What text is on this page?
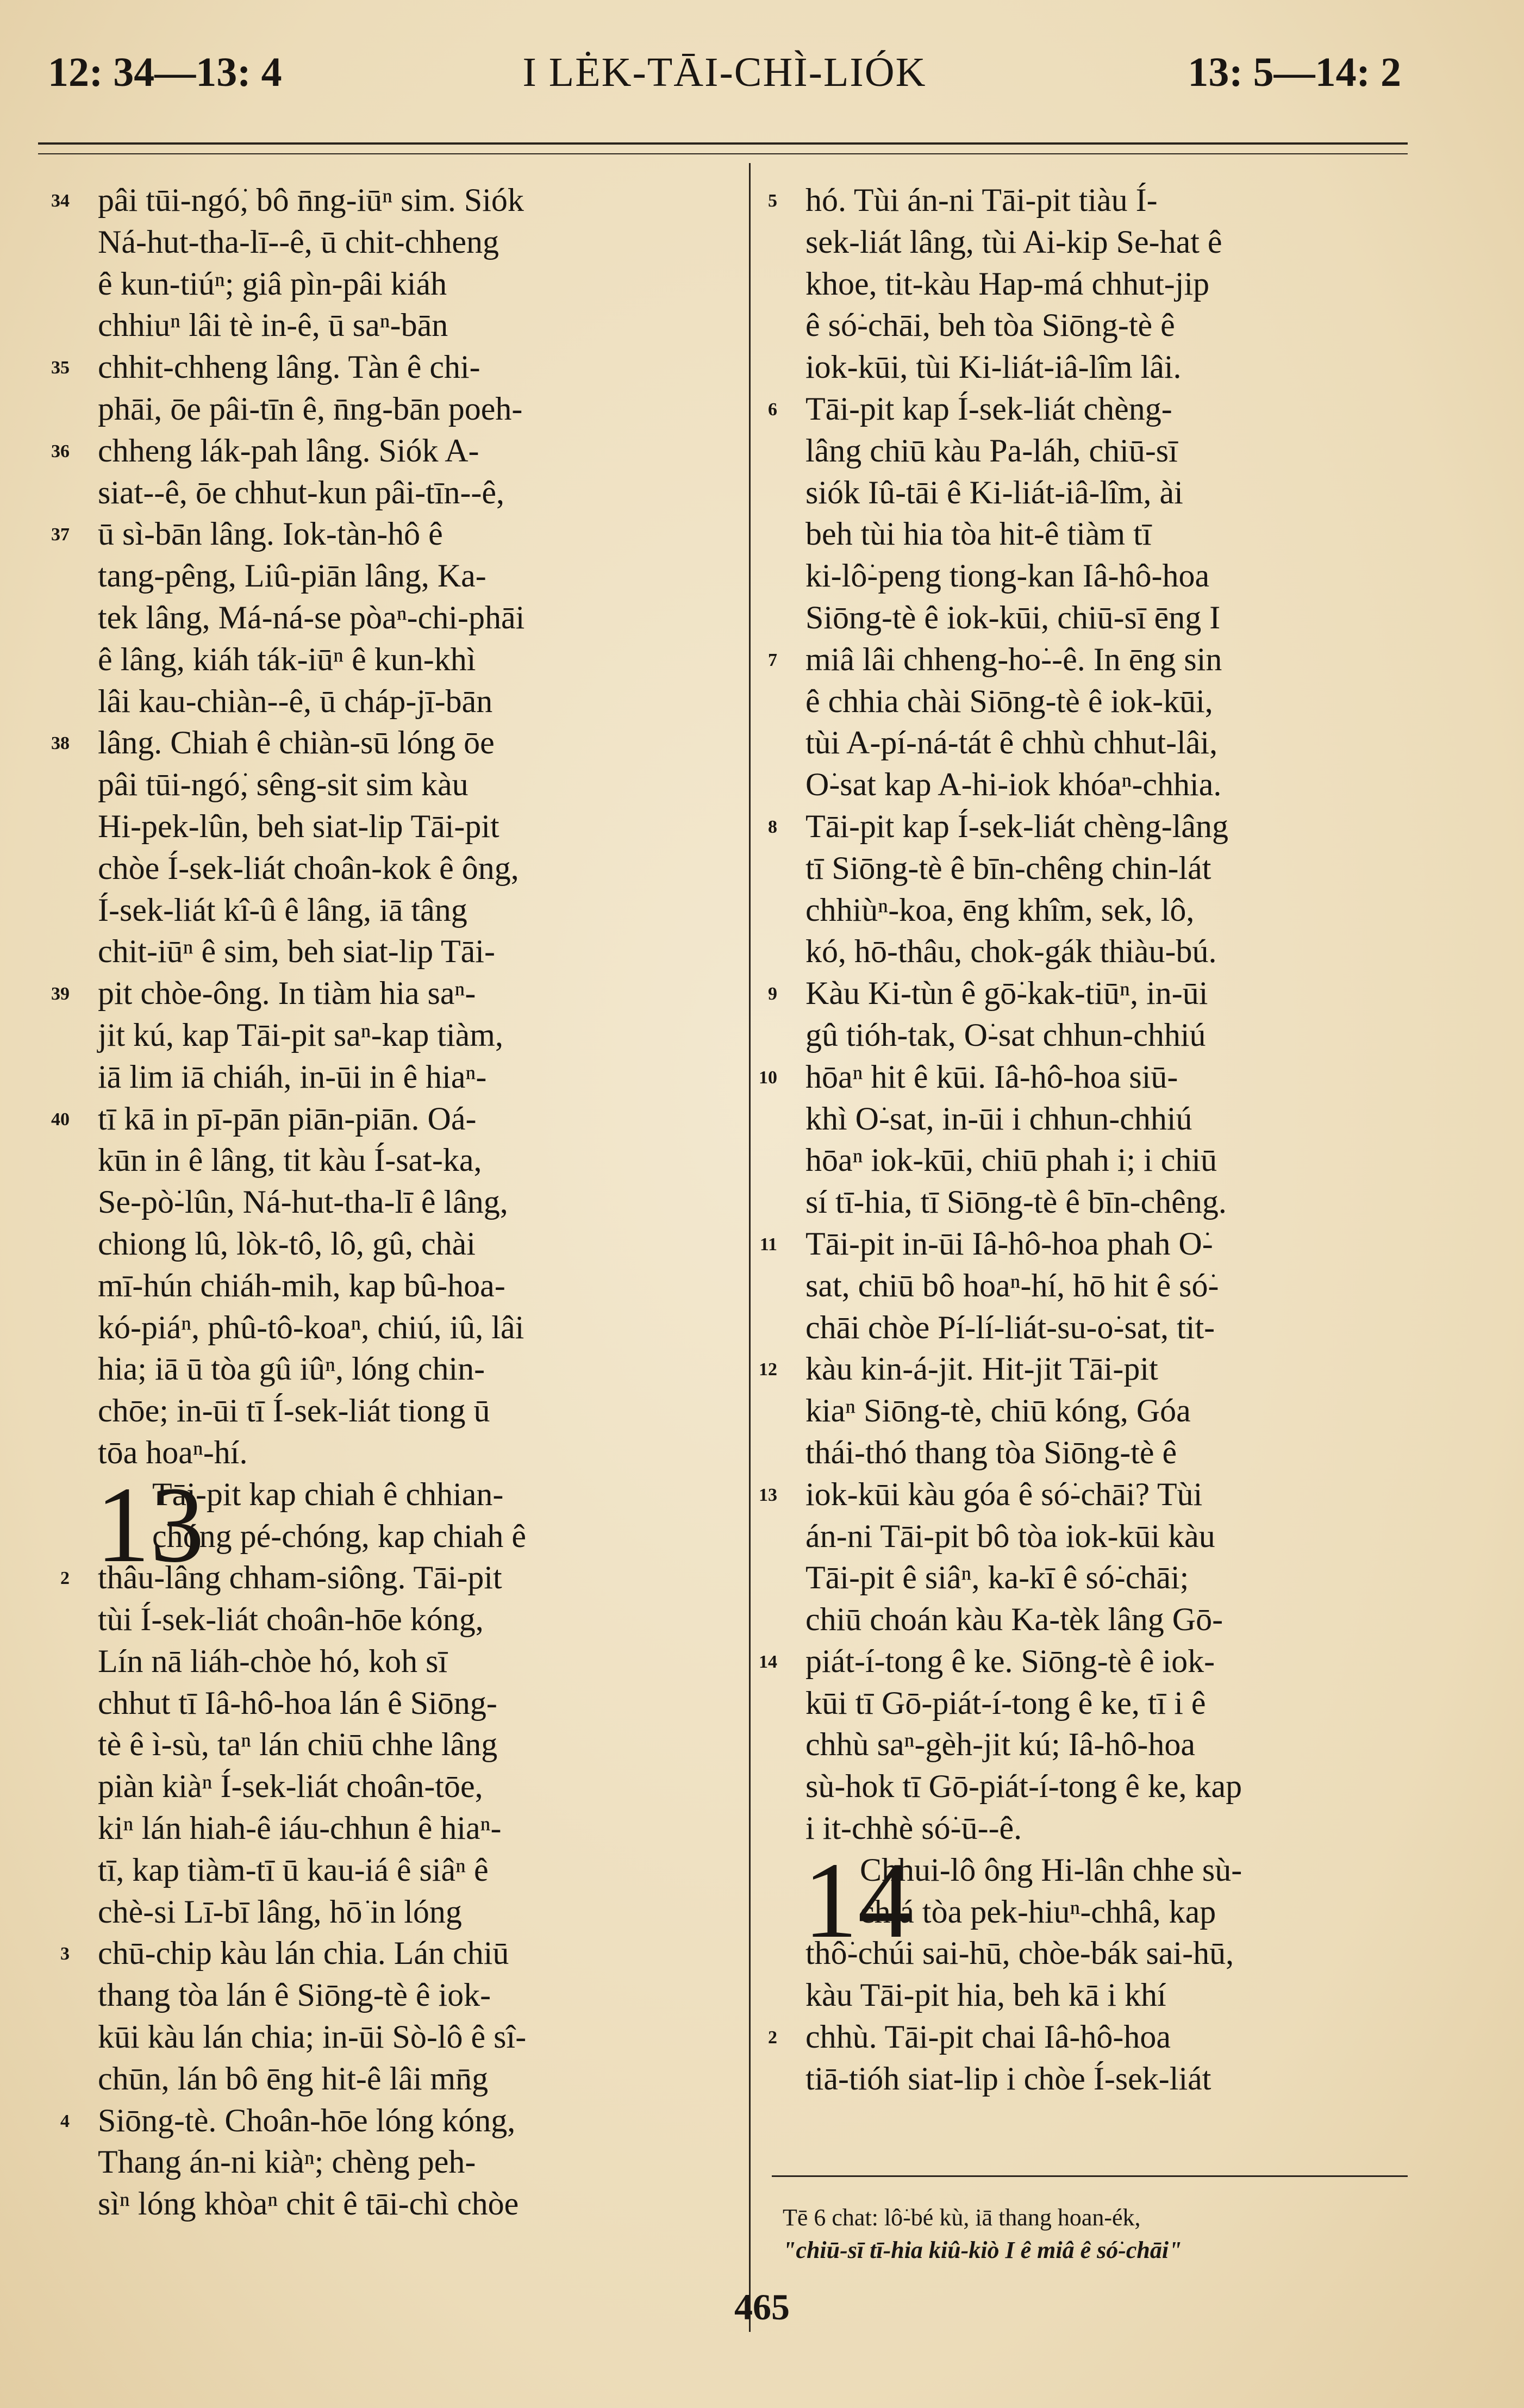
12: 34—13: 4	I LĖK-TĀI-CHÌ-LIÓK	13: 5—14: 2
34 pâi tūi-ngó͘, bô n̄ng-iūⁿ sim. Siók
Ná-hut-tha-lī--ê, ū chit-chheng
ê kun-tiúⁿ; giâ pìn-pâi kiáh
chhiuⁿ lâi tè in-ê, ū saⁿ-bān
35 chhit-chheng lâng. Tàn ê chi-
phāi, ōe pâi-tīn ê, n̄ng-bān poeh-
36 chheng lák-pah lâng. Siók A-
siat--ê, ōe chhut-kun pâi-tīn--ê,
37 ū sì-bān lâng. Iok-tàn-hô ê
tang-pêng, Liû-piān lâng, Ka-
tek lâng, Má-ná-se pòaⁿ-chi-phāi
ê lâng, kiáh ták-iūⁿ ê kun-khì
lâi kau-chiàn--ê, ū cháp-jī-bān
38 lâng. Chiah ê chiàn-sū lóng ōe
pâi tūi-ngó͘, sêng-sit sim kàu
Hi-pek-lûn, beh siat-lip Tāi-pit
chòe Í-sek-liát choân-kok ê ông,
Í-sek-liát kî-û ê lâng, iā tâng
chit-iūⁿ ê sim, beh siat-lip Tāi-
39 pit chòe-ông. In tiàm hia saⁿ-
jit kú, kap Tāi-pit saⁿ-kap tiàm,
iā lim iā chiáh, in-ūi in ê hiaⁿ-
40 tī kā in pī-pān piān-piān. Oá-
kūn in ê lâng, tit kàu Í-sat-ka,
Se-pò͘-lûn, Ná-hut-tha-lī ê lâng,
chiong lû, lòk-tô, lô, gû, chài
mī-hún chiáh-mih, kap bû-hoa-
kó-piáⁿ, phû-tô-koaⁿ, chiú, iû, lâi
hia; iā ū tòa gû iûⁿ, lóng chin-
chōe; in-ūi tī Í-sek-liát tiong ū
tōa hoaⁿ-hí.
13
Tāi-pit kap chiah ê chhian-
chóng pé-chóng, kap chiah ê
2 thâu-lâng chham-siông. Tāi-pit
tùi Í-sek-liát choân-hōe kóng,
Lín nā liáh-chòe hó, koh sī
chhut tī Iâ-hô-hoa lán ê Siōng-
tè ê ì-sù, taⁿ lán chiū chhe lâng
piàn kiàⁿ Í-sek-liát choân-tōe,
kiⁿ lán hiah-ê iáu-chhun ê hiaⁿ-
tī, kap tiàm-tī ū kau-iá ê siâⁿ ê
chè-si Lī-bī lâng, hō͘ in lóng
3 chū-chip kàu lán chia. Lán chiū
thang tòa lán ê Siōng-tè ê iok-
kūi kàu lán chia; in-ūi Sò-lô ê sî-
chūn, lán bô ēng hit-ê lâi mn̄g
4 Siōng-tè. Choân-hōe lóng kóng,
Thang án-ni kiàⁿ; chèng peh-
sìⁿ lóng khòaⁿ chit ê tāi-chì chòe
5 hó. Tùi án-ni Tāi-pit tiàu Í-
sek-liát lâng, tùi Ai-kip Se-hat ê
khoe, tit-kàu Hap-má chhut-jip
ê só͘-chāi, beh tòa Siōng-tè ê
iok-kūi, tùi Ki-liát-iâ-lîm lâi.
6 Tāi-pit kap Í-sek-liát chèng-
lâng chiū kàu Pa-láh, chiū-sī
siók Iû-tāi ê Ki-liát-iâ-lîm, ài
beh tùi hia tòa hit-ê tiàm tī
ki-lô͘-peng tiong-kan Iâ-hô-hoa
Siōng-tè ê iok-kūi, chiū-sī ēng I
7 miâ lâi chheng-ho͘--ê. In ēng sin
ê chhia chài Siōng-tè ê iok-kūi,
tùi A-pí-ná-tát ê chhù chhut-lâi,
O͘-sat kap A-hi-iok khóaⁿ-chhia.
8 Tāi-pit kap Í-sek-liát chèng-lâng
tī Siōng-tè ê bīn-chêng chin-lát
chhiùⁿ-koa, ēng khîm, sek, lô,
kó, hō-thâu, chok-gák thiàu-bú.
9 Kàu Ki-tùn ê gō͘-kak-tiūⁿ, in-ūi
gû tióh-tak, O͘-sat chhun-chhiú
10 hōaⁿ hit ê kūi. Iâ-hô-hoa siū-
khì O͘-sat, in-ūi i chhun-chhiú
hōaⁿ iok-kūi, chiū phah i; i chiū
sí tī-hia, tī Siōng-tè ê bīn-chêng.
11 Tāi-pit in-ūi Iâ-hô-hoa phah O͘-
sat, chiū bô hoaⁿ-hí, hō hit ê só͘-
chāi chòe Pí-lí-liát-su-o͘-sat, tit-
12 kàu kin-á-jit. Hit-jit Tāi-pit
kiaⁿ Siōng-tè, chiū kóng, Góa
thái-thó thang tòa Siōng-tè ê
13 iok-kūi kàu góa ê só͘-chāi? Tùi
án-ni Tāi-pit bô tòa iok-kūi kàu
Tāi-pit ê siâⁿ, ka-kī ê só͘-chāi;
chiū choán kàu Ka-tèk lâng Gō-
14 piát-í-tong ê ke. Siōng-tè ê iok-
kūi tī Gō-piát-í-tong ê ke, tī i ê
chhù saⁿ-gèh-jit kú; Iâ-hô-hoa
sù-hok tī Gō-piát-í-tong ê ke, kap
i it-chhè só͘-ū--ê.
14
Chhui-lô ông Hi-lân chhe sù-
chiá tòa pek-hiuⁿ-chhâ, kap
thô͘-chúi sai-hū, chòe-bák sai-hū,
kàu Tāi-pit hia, beh kā i khí
2 chhù. Tāi-pit chai Iâ-hô-hoa
tiā-tióh siat-lip i chòe Í-sek-liát
Tē 6 chat: lô͘-bé kù, iā thang hoan-ék,
"chiū-sī tī-hia kiû-kiò I ê miâ ê só͘-chāi"
465
